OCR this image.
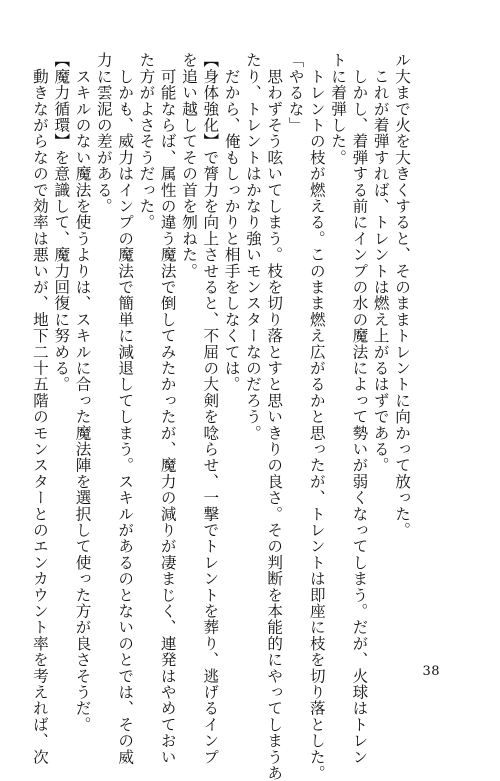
ル大まで火を大きくすると、そのままトレントに向かって放った。
　これが着弾すれば、トレントは燃え上がるはずである。
　しかし、着弾する前にインプの水の魔法によって勢いが弱くなってしまう。だが、火球はトレン
トに着弾した。
　トレントの枝が燃える。このまま燃え広がるかと思ったが、トレントは即座に枝を切り落とした。
「やるな」
　思わずそう呟いてしまう。枝を切り落とすと思いきりの良さ。その判断を本能的にやってしまうあ
たり、トレントはかなり強いモンスターなのだろう。
　だから、俺もしっかりと相手をしなくては。
【身体強化】で膂力を向上させると、不屈の大剣を唸らせ、一撃でトレントを葬り、逃げるインプ
を追い越してその首を刎ねた。
　可能ならば、属性の違う魔法で倒してみたかったが、魔力の減りが凄まじく、連発はやめておい
た方がよさそうだった。
　しかも、威力はインプの魔法で簡単に減退してしまう。スキルがあるのとないのとでは、その威
力に雲泥の差がある。
　スキルのない魔法を使うよりは、スキルに合った魔法陣を選択して使った方が良さそうだ。
【魔力循環】を意識して、魔力回復に努める。
　動きながらなので効率は悪いが、地下二十五階のモンスターとのエンカウント率を考えれば、次	38
